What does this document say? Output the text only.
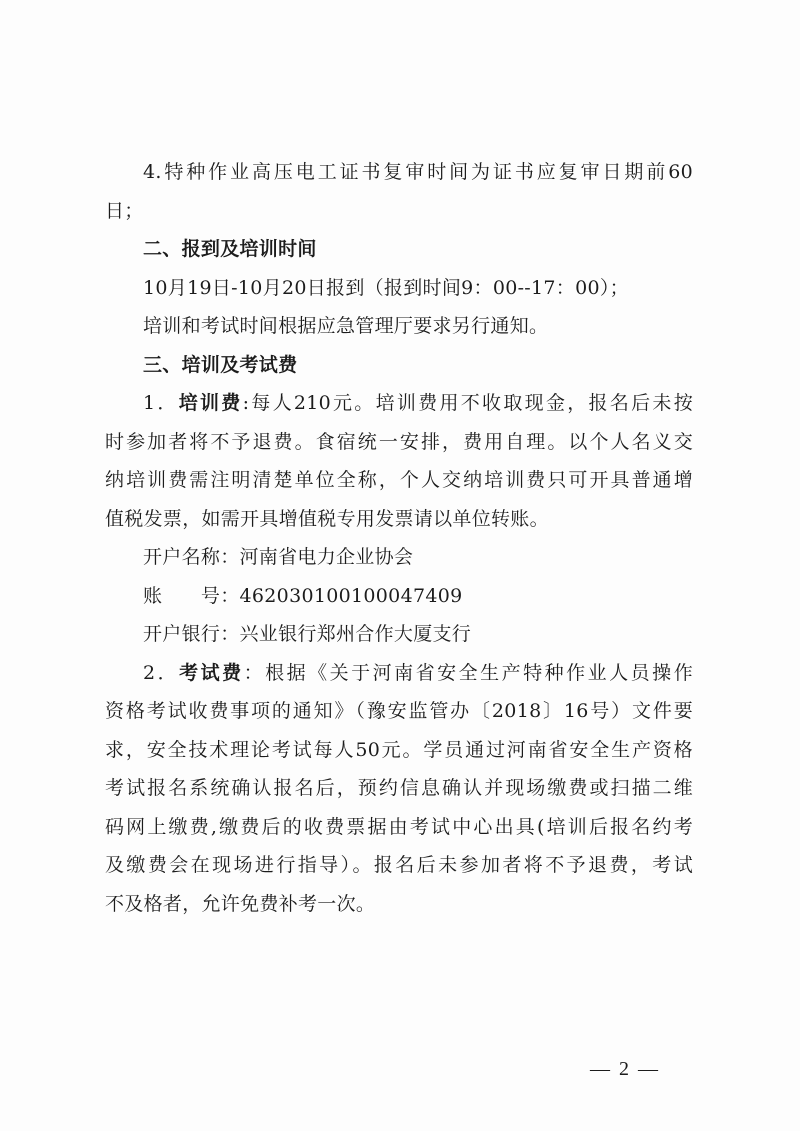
4.特种作业高压电工证书复审时间为证书应复审日期前60
日；
二、报到及培训时间
10月19日-10月20日报到（报到时间9：00--17：00）；
培训和考试时间根据应急管理厅要求另行通知。
三、培训及考试费
1．培训费:每人210元。培训费用不收取现金，报名后未按
时参加者将不予退费。食宿统一安排，费用自理。以个人名义交
纳培训费需注明清楚单位全称，个人交纳培训费只可开具普通增
值税发票，如需开具增值税专用发票请以单位转账。
开户名称：河南省电力企业协会
账　　号：462030100100047409
开户银行：兴业银行郑州合作大厦支行
2．考试费：根据《关于河南省安全生产特种作业人员操作
资格考试收费事项的通知》（豫安监管办〔2018〕16号）文件要
求，安全技术理论考试每人50元。学员通过河南省安全生产资格
考试报名系统确认报名后，预约信息确认并现场缴费或扫描二维
码网上缴费,缴费后的收费票据由考试中心出具(培训后报名约考
及缴费会在现场进行指导）。报名后未参加者将不予退费，考试
不及格者，允许免费补考一次。
— 2 —
